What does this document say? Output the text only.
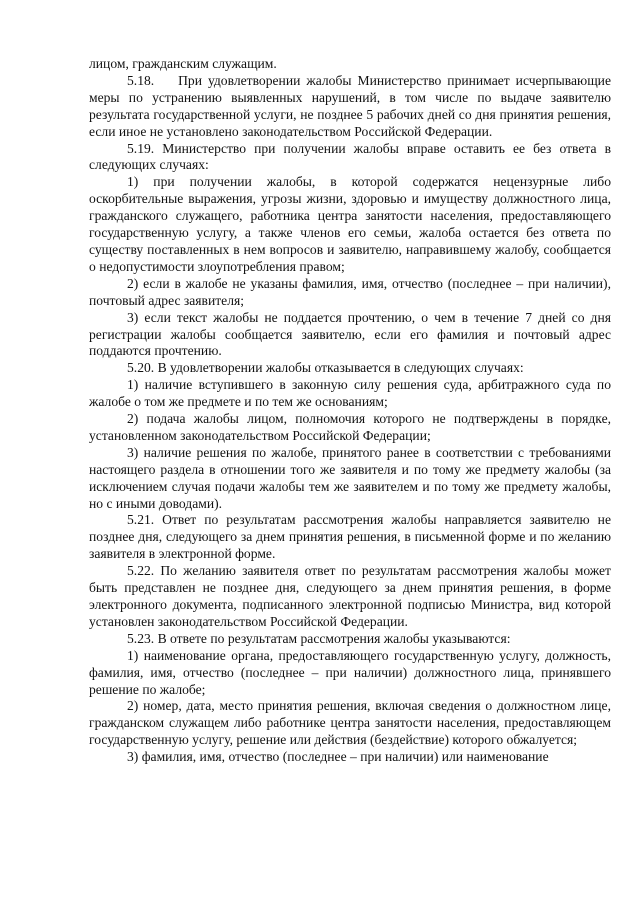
лицом, гражданским служащим.

5.18.    При удовлетворении жалобы Министерство принимает исчерпывающие меры по устранению выявленных нарушений, в том числе по выдаче заявителю результата государственной услуги, не позднее 5 рабочих дней со дня принятия решения, если иное не установлено законодательством Российской Федерации.

5.19. Министерство при получении жалобы вправе оставить ее без ответа в следующих случаях:

1) при получении жалобы, в которой содержатся нецензурные либо оскорбительные выражения, угрозы жизни, здоровью и имуществу должностного лица, гражданского служащего, работника центра занятости населения, предоставляющего государственную услугу, а также членов его семьи, жалоба остается без ответа по существу поставленных в нем вопросов и заявителю, направившему жалобу, сообщается о недопустимости злоупотребления правом;

2) если в жалобе не указаны фамилия, имя, отчество (последнее – при наличии), почтовый адрес заявителя;

3) если текст жалобы не поддается прочтению, о чем в течение 7 дней со дня регистрации жалобы сообщается заявителю, если его фамилия и почтовый адрес поддаются прочтению.

5.20. В удовлетворении жалобы отказывается в следующих случаях:

1) наличие вступившего в законную силу решения суда, арбитражного суда по жалобе о том же предмете и по тем же основаниям;

2) подача жалобы лицом, полномочия которого не подтверждены в порядке, установленном законодательством Российской Федерации;

3) наличие решения по жалобе, принятого ранее в соответствии с требованиями настоящего раздела в отношении того же заявителя и по тому же предмету жалобы (за исключением случая подачи жалобы тем же заявителем и по тому же предмету жалобы, но с иными доводами).

5.21. Ответ по результатам рассмотрения жалобы направляется заявителю не позднее дня, следующего за днем принятия решения, в письменной форме и по желанию заявителя в электронной форме.

5.22. По желанию заявителя ответ по результатам рассмотрения жалобы может быть представлен не позднее дня, следующего за днем принятия решения, в форме электронного документа, подписанного электронной подписью Министра, вид которой установлен законодательством Российской Федерации.

5.23. В ответе по результатам рассмотрения жалобы указываются:

1) наименование органа, предоставляющего государственную услугу, должность, фамилия, имя, отчество (последнее – при наличии) должностного лица, принявшего решение по жалобе;

2) номер, дата, место принятия решения, включая сведения о должностном лице, гражданском служащем либо работнике центра занятости населения, предоставляющем государственную услугу, решение или действия (бездействие) которого обжалуется;

3) фамилия, имя, отчество (последнее – при наличии) или наименование
